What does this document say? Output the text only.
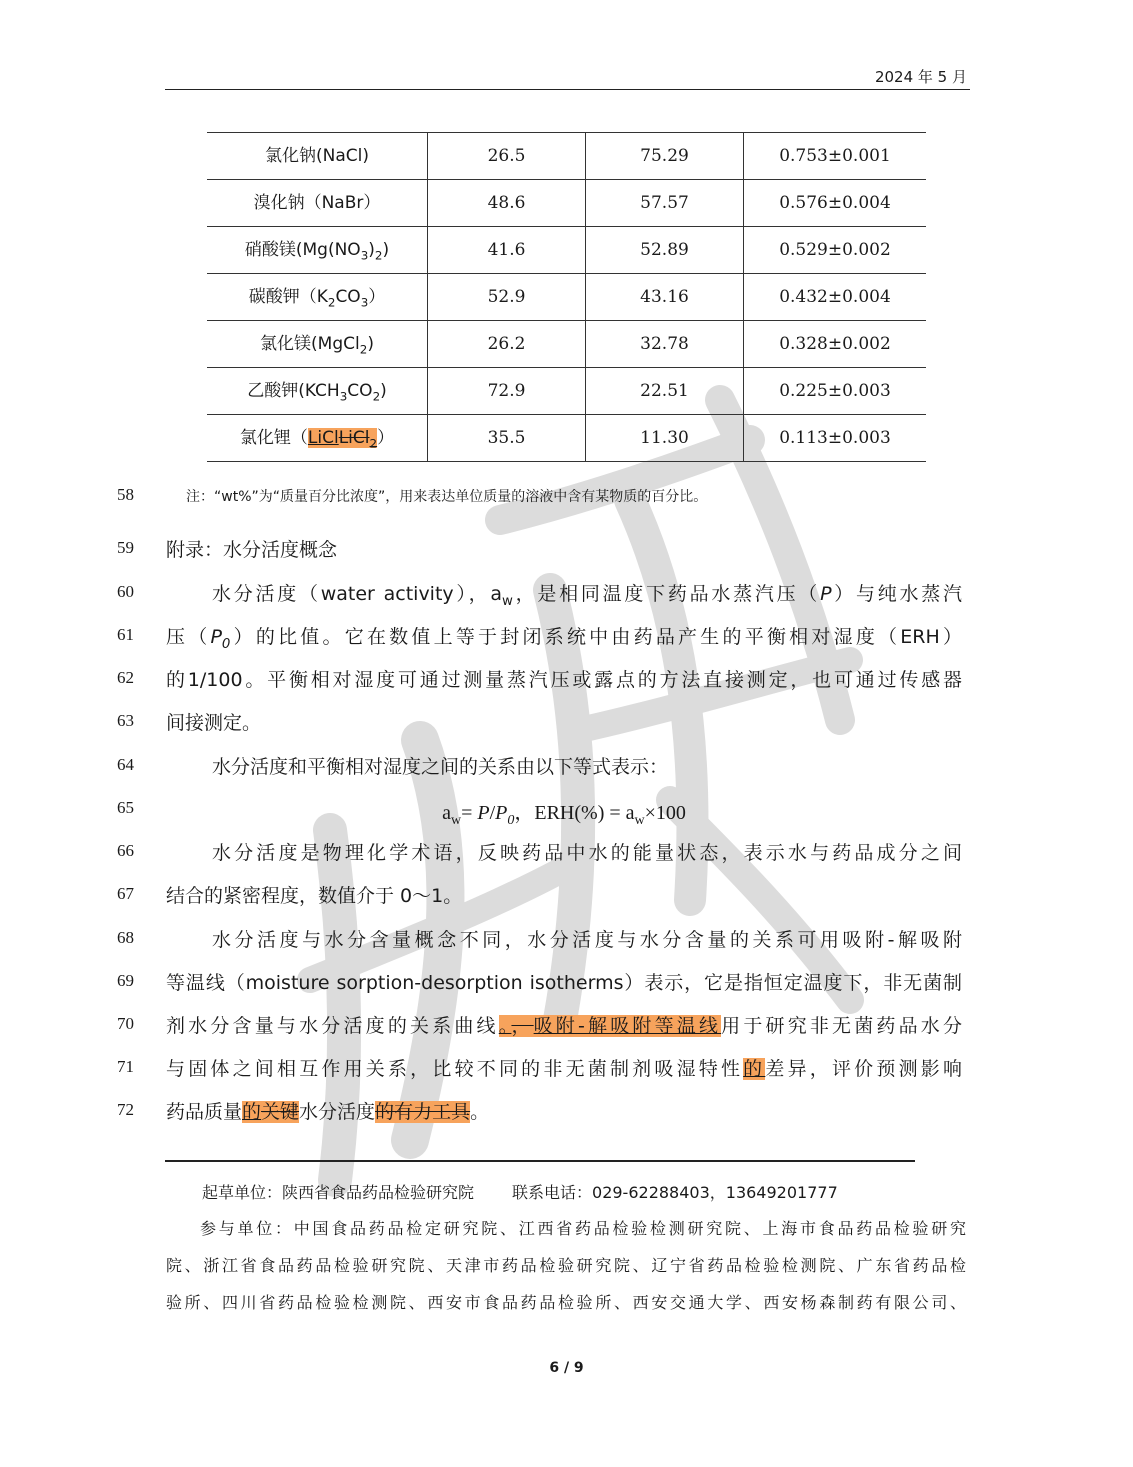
2024 年 5 月
氯化钠(NaCl)	26.5	75.29	0.753±0.001
溴化钠（NaBr）	48.6	57.57	0.576±0.004
硝酸镁$(Mg(NO_3)_2)$	41.6	52.89	0.529±0.002
碳酸钾$(K_2CO_3)$	52.9	43.16	0.432±0.004
氯化镁(MgCl$_2$)	26.2	32.78	0.328±0.002
乙酸钾$(KCH_3CO_2)$	72.9	22.51	0.225±0.003
氯化锂（LiClLiCl$_2$）	35.5	11.30	0.113±0.003
58
59
60
61
62
63
64
65
66
67
68
69
70
71
72
注：“wt%”为“质量百分比浓度”，用来表达单位质量的溶液中含有某物质的百分比。
附录：水分活度概念
水分活度（water activity），$a_w$，是相同温度下药品水蒸汽压（P）与纯水蒸汽
压$(P_0)$的比值。它在数值上等于封闭系统中由药品产生的平衡相对湿度（ERH）
的1/100。平衡相对湿度可通过测量蒸汽压或露点的方法直接测定，也可通过传感器
间接测定。
水分活度和平衡相对湿度之间的关系由以下等式表示：
$a_w= P/P_0$，$ERH(\%) = a_w\times 100$
水分活度是物理化学术语，反映药品中水的能量状态，表示水与药品成分之间
结合的紧密程度，数值介于 0～1。
水分活度与水分含量概念不同，水分活度与水分含量的关系可用吸附-解吸附
等温线（moisture sorption-desorption isotherms）表示，它是指恒定温度下，非无菌制
剂水分含量与水分活度的关系曲线。，吸附-解吸附等温线用于研究非无菌药品水分
与固体之间相互作用关系，比较不同的非无菌制剂吸湿特性的差异，评价预测影响
药品质量的关键水分活度的有力工具。
起草单位：陕西省食品药品检验研究院 联系电话：029-62288403，13649201777
参与单位：中国食品药品检定研究院、江西省药品检验检测研究院、上海市食品药品检验研究
院、浙江省食品药品检验研究院、天津市药品检验研究院、辽宁省药品检验检测院、广东省药品检
验所、四川省药品检验检测院、西安市食品药品检验所、西安交通大学、西安杨森制药有限公司、
6 / 9
